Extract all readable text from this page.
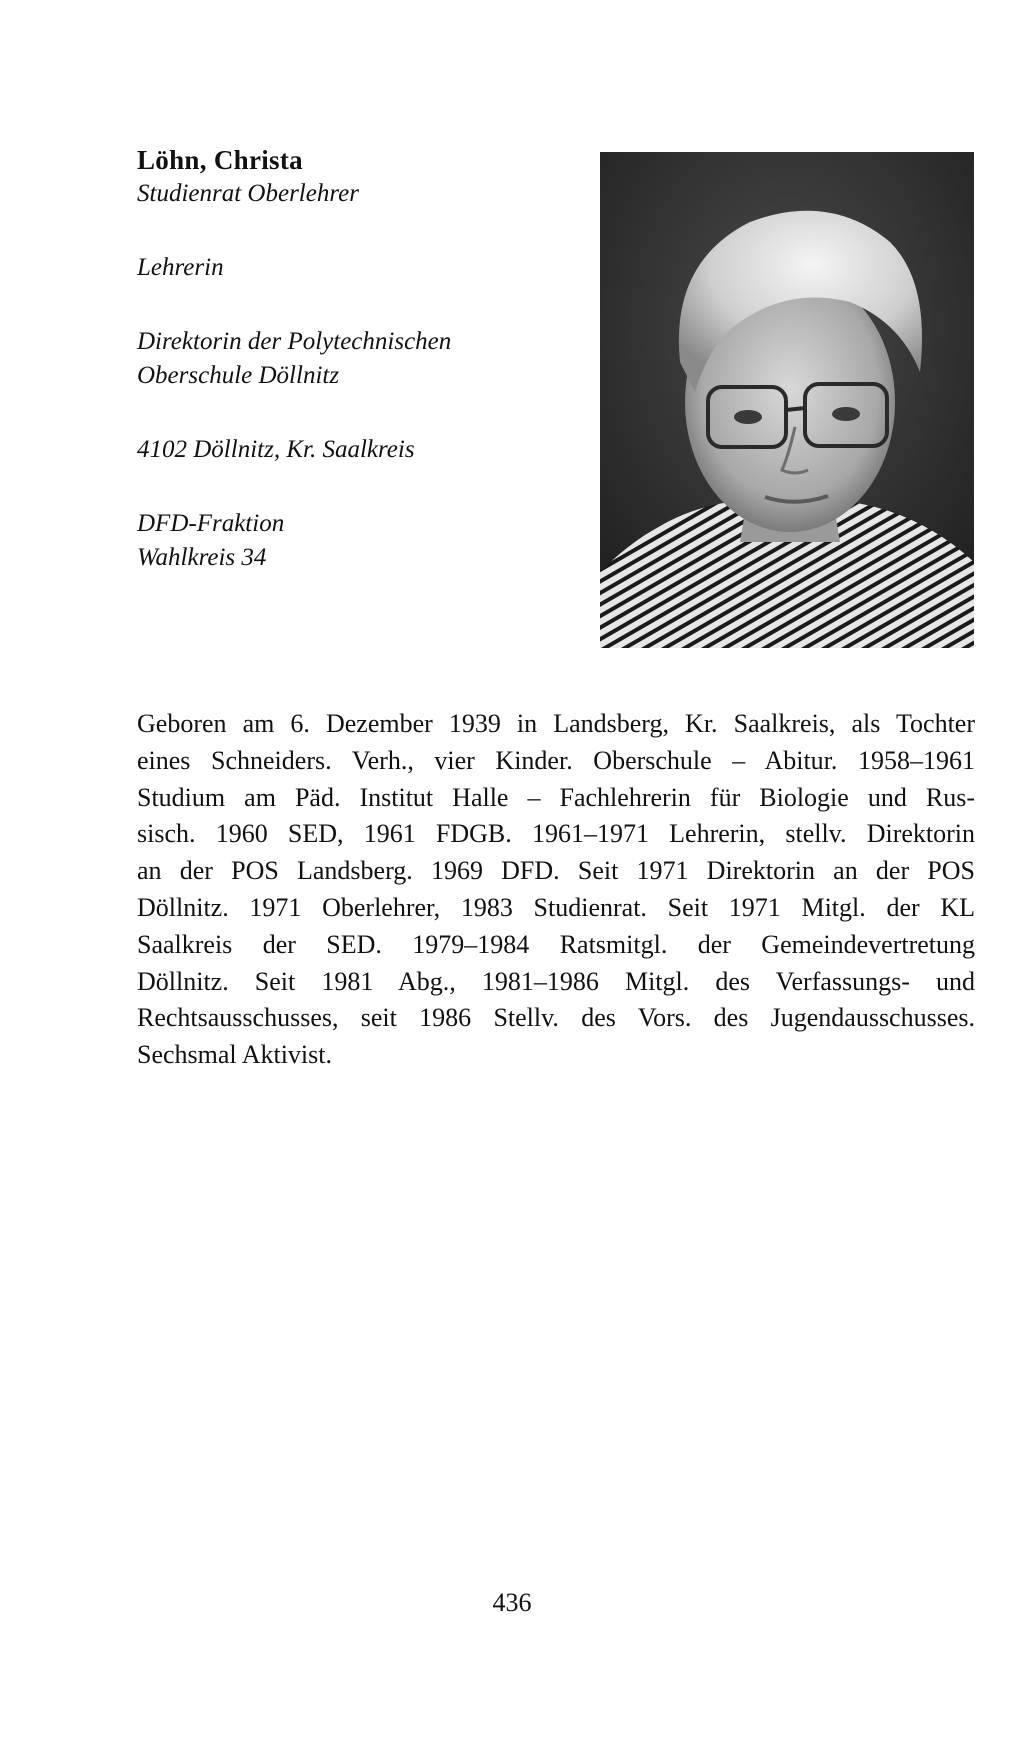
Löhn, Christa
Studienrat Oberlehrer
Lehrerin
Direktorin der Polytechnischen
Oberschule Döllnitz
4102 Döllnitz, Kr. Saalkreis
DFD-Fraktion
Wahlkreis 34
Geboren am 6. Dezember 1939 in Landsberg, Kr. Saalkreis, als Tochter
eines Schneiders. Verh., vier Kinder. Oberschule – Abitur. 1958–1961
Studium am Päd. Institut Halle – Fachlehrerin für Biologie und Rus-
sisch. 1960 SED, 1961 FDGB. 1961–1971 Lehrerin, stellv. Direktorin
an der POS Landsberg. 1969 DFD. Seit 1971 Direktorin an der POS
Döllnitz. 1971 Oberlehrer, 1983 Studienrat. Seit 1971 Mitgl. der KL
Saalkreis der SED. 1979–1984 Ratsmitgl. der Gemeindevertretung
Döllnitz. Seit 1981 Abg., 1981–1986 Mitgl. des Verfassungs- und
Rechtsausschusses, seit 1986 Stellv. des Vors. des Jugendausschusses.
Sechsmal Aktivist.
436
